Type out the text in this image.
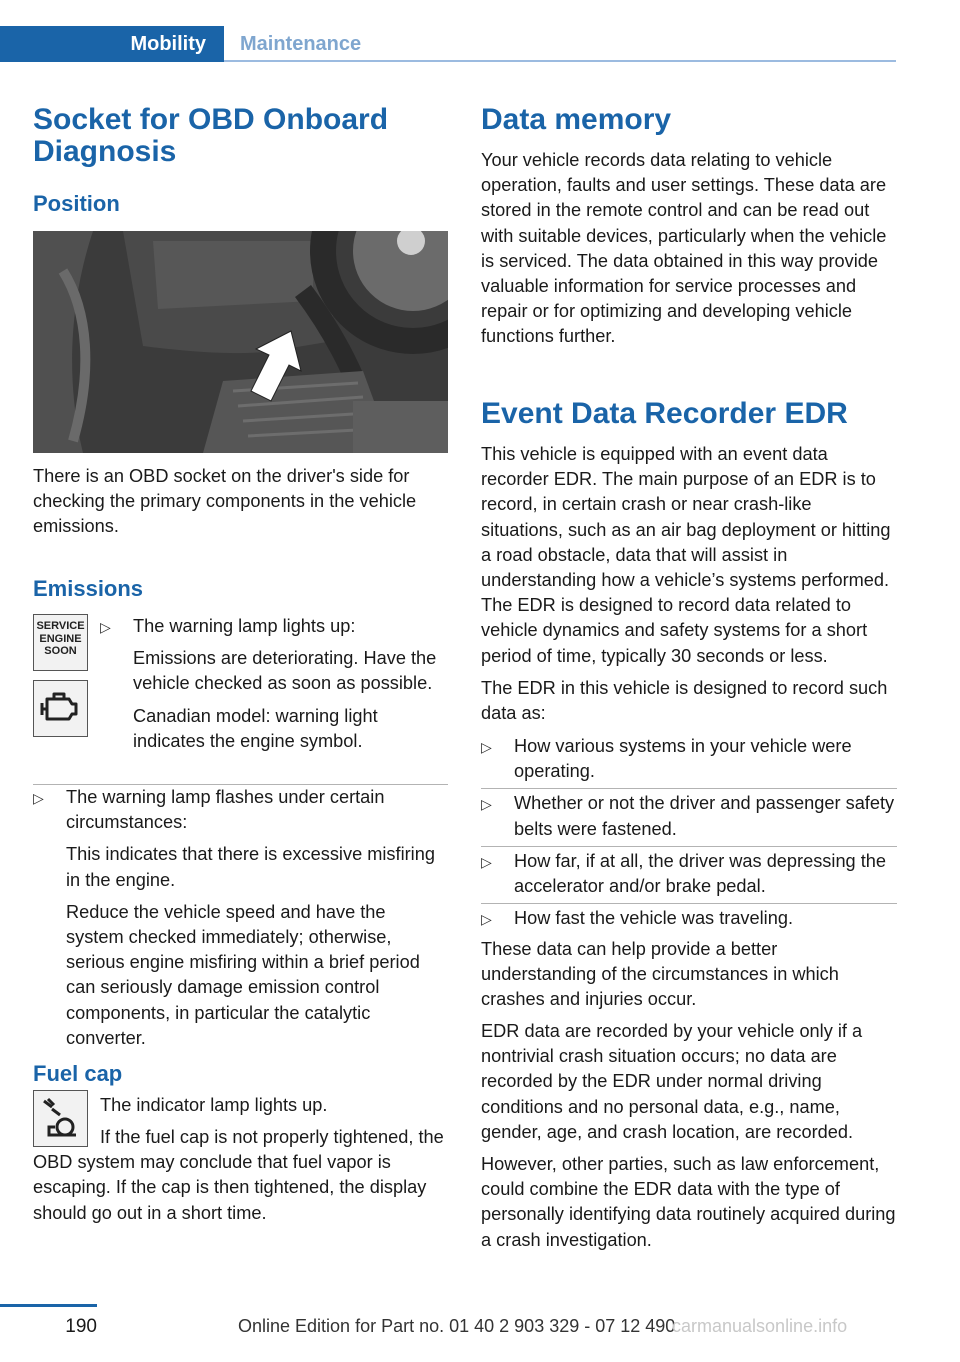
Mobility Maintenance
Socket for OBD Onboard Diagnosis
Position

There is an OBD socket on the driver's side for checking the primary components in the vehicle emissions.

Emissions
SERVICE ENGINE SOON
▷ The warning lamp lights up:

Emissions are deteriorating. Have the vehicle checked as soon as possible.

Canadian model: warning light indicates the engine symbol.

▷ The warning lamp flashes under certain circumstances:

This indicates that there is excessive misfiring in the engine.

Reduce the vehicle speed and have the system checked immediately; otherwise, serious engine misfiring within a brief period can seriously damage emission control components, in particular the catalytic converter.

Fuel cap

The indicator lamp lights up.

If the fuel cap is not properly tightened, the OBD system may conclude that fuel vapor is escaping. If the cap is then tightened, the display should go out in a short time.

Data memory

Your vehicle records data relating to vehicle operation, faults and user settings. These data are stored in the remote control and can be read out with suitable devices, particularly when the vehicle is serviced. The data obtained in this way provide valuable information for service processes and repair or for optimizing and developing vehicle functions further.

Event Data Recorder EDR

This vehicle is equipped with an event data recorder EDR. The main purpose of an EDR is to record, in certain crash or near crash-like situations, such as an air bag deployment or hitting a road obstacle, data that will assist in understanding how a vehicle’s systems performed. The EDR is designed to record data related to vehicle dynamics and safety systems for a short period of time, typically 30 seconds or less.

The EDR in this vehicle is designed to record such data as:

▷ How various systems in your vehicle were operating.

▷ Whether or not the driver and passenger safety belts were fastened.

▷ How far, if at all, the driver was depressing the accelerator and/or brake pedal.

▷ How fast the vehicle was traveling.

These data can help provide a better understanding of the circumstances in which crashes and injuries occur.

EDR data are recorded by your vehicle only if a nontrivial crash situation occurs; no data are recorded by the EDR under normal driving conditions and no personal data, e.g., name, gender, age, and crash location, are recorded.

However, other parties, such as law enforcement, could combine the EDR data with the type of personally identifying data routinely acquired during a crash investigation.

190	Online Edition for Part no. 01 40 2 903 329 - 07 12 490
carmanualsonline.info
